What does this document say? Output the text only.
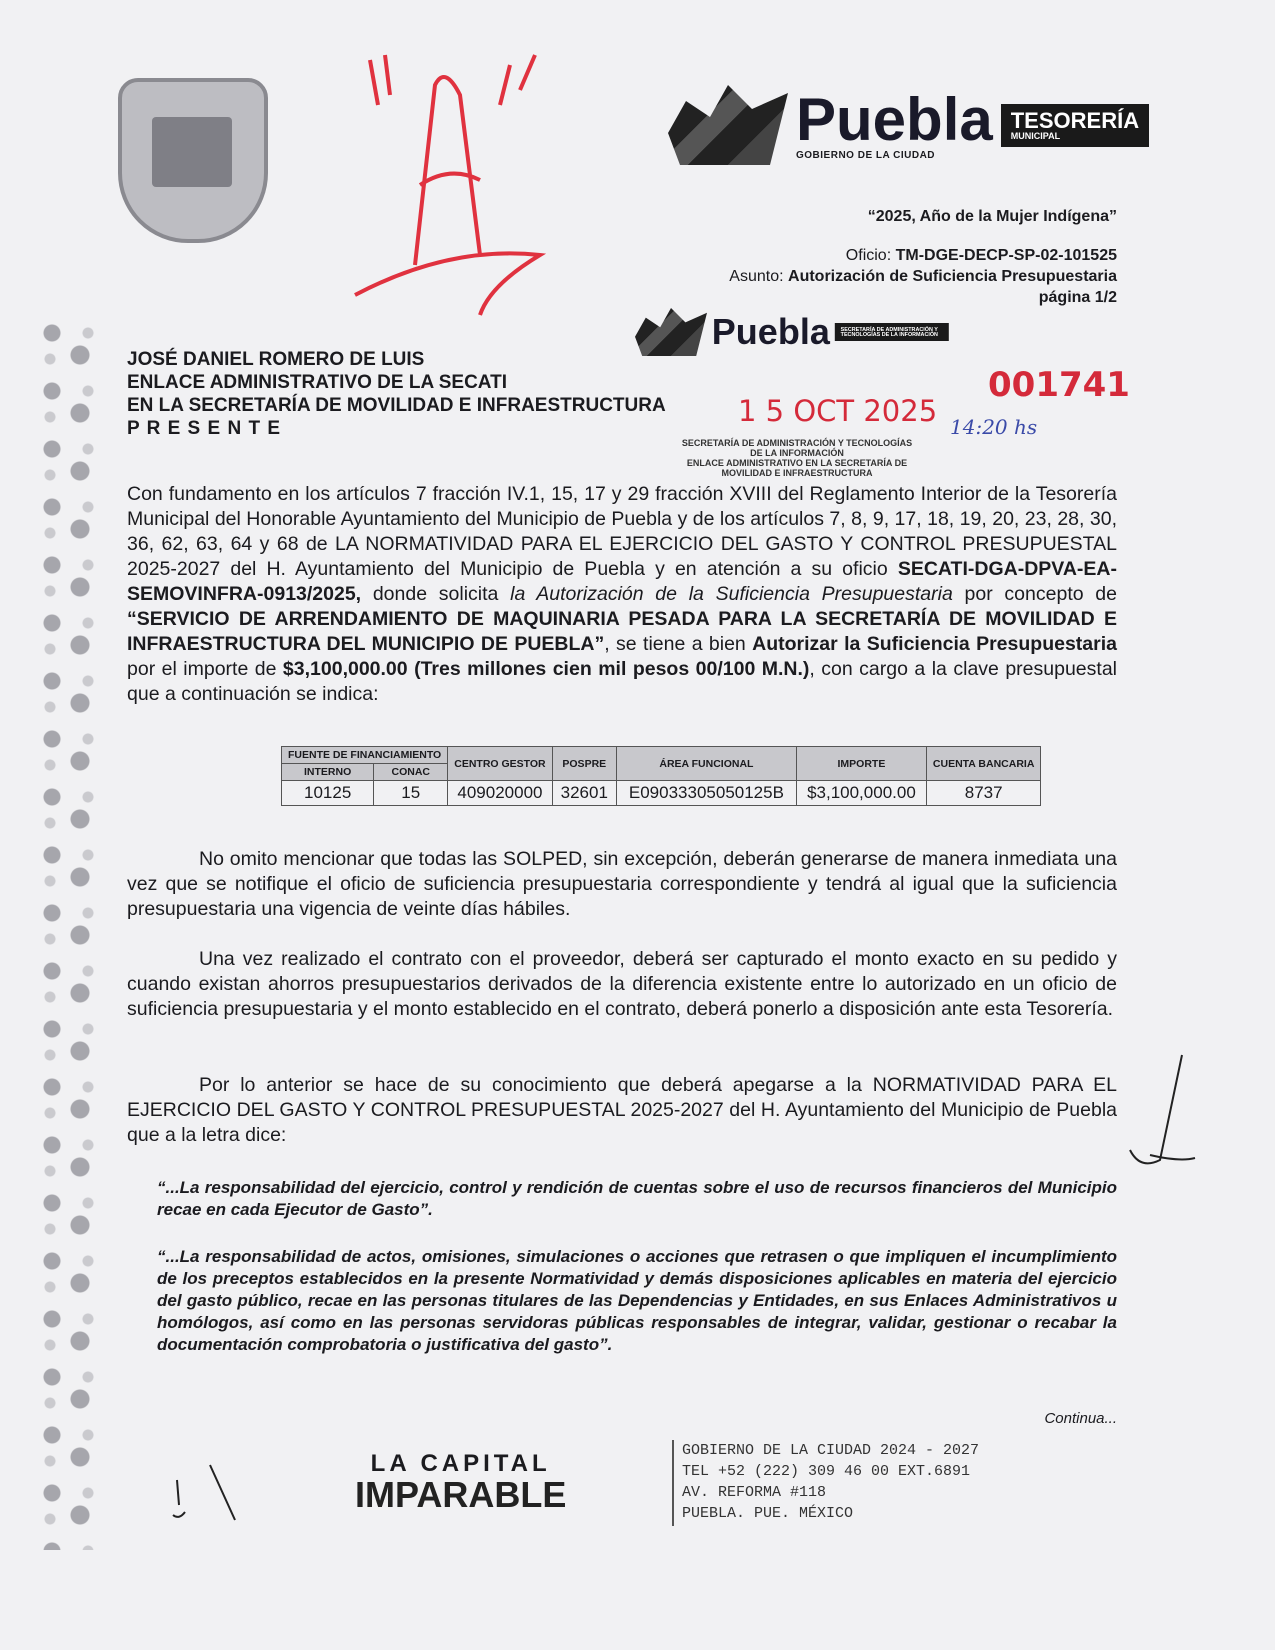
Puebla
GOBIERNO DE LA CIUDAD
TESORERÍA
MUNICIPAL
“2025, Año de la Mujer Indígena”
Oficio: TM-DGE-DECP-SP-02-101525
Asunto: Autorización de Suficiencia Presupuestaria
página 1/2
Puebla	SECRETARÍA DE ADMINISTRACIÓN Y TECNOLOGÍAS DE LA INFORMACIÓN
1 5 OCT 2025
001741
14:20 hs
SECRETARÍA DE ADMINISTRACIÓN Y TECNOLOGÍAS
DE LA INFORMACIÓN
ENLACE ADMINISTRATIVO EN LA SECRETARÍA DE
MOVILIDAD E INFRAESTRUCTURA
JOSÉ DANIEL ROMERO DE LUIS
ENLACE ADMINISTRATIVO DE LA SECATI
EN LA SECRETARÍA DE MOVILIDAD E INFRAESTRUCTURA
P R E S E N T E

Con fundamento en los artículos 7 fracción IV.1, 15, 17 y 29 fracción XVIII del Reglamento Interior de la Tesorería Municipal del Honorable Ayuntamiento del Municipio de Puebla y de los artículos 7, 8, 9, 17, 18, 19, 20, 23, 28, 30, 36, 62, 63, 64 y 68 de LA NORMATIVIDAD PARA EL EJERCICIO DEL GASTO Y CONTROL PRESUPUESTAL 2025-2027 del H. Ayuntamiento del Municipio de Puebla y en atención a su oficio SECATI-DGA-DPVA-EA-SEMOVINFRA-0913/2025, donde solicita la Autorización de la Suficiencia Presupuestaria por concepto de “SERVICIO DE ARRENDAMIENTO DE MAQUINARIA PESADA PARA LA SECRETARÍA DE MOVILIDAD E INFRAESTRUCTURA DEL MUNICIPIO DE PUEBLA”, se tiene a bien Autorizar la Suficiencia Presupuestaria por el importe de $3,100,000.00 (Tres millones cien mil pesos 00/100 M.N.), con cargo a la clave presupuestal que a continuación se indica:

FUENTE DE FINANCIAMIENTO		CENTRO GESTOR	POSPRE	ÁREA FUNCIONAL	IMPORTE	CUENTA BANCARIA
INTERNO	CONAC					
10125	15	409020000	32601	E09033305050125B	$3,100,000.00	8737

No omito mencionar que todas las SOLPED, sin excepción, deberán generarse de manera inmediata una vez que se notifique el oficio de suficiencia presupuestaria correspondiente y tendrá al igual que la suficiencia presupuestaria una vigencia de veinte días hábiles.

Una vez realizado el contrato con el proveedor, deberá ser capturado el monto exacto en su pedido y cuando existan ahorros presupuestarios derivados de la diferencia existente entre lo autorizado en un oficio de suficiencia presupuestaria y el monto establecido en el contrato, deberá ponerlo a disposición ante esta Tesorería.

Por lo anterior se hace de su conocimiento que deberá apegarse a la NORMATIVIDAD PARA EL EJERCICIO DEL GASTO Y CONTROL PRESUPUESTAL 2025-2027 del H. Ayuntamiento del Municipio de Puebla que a la letra dice:

“...La responsabilidad del ejercicio, control y rendición de cuentas sobre el uso de recursos financieros del Municipio recae en cada Ejecutor de Gasto”.

“...La responsabilidad de actos, omisiones, simulaciones o acciones que retrasen o que impliquen el incumplimiento de los preceptos establecidos en la presente Normatividad y demás disposiciones aplicables en materia del ejercicio del gasto público, recae en las personas titulares de las Dependencias y Entidades, en sus Enlaces Administrativos u homólogos, así como en las personas servidoras públicas responsables de integrar, validar, gestionar o recabar la documentación comprobatoria o justificativa del gasto”.

Continua...
LA CAPITAL
IMPARABLE
GOBIERNO DE LA CIUDAD 2024 - 2027
TEL +52 (222) 309 46 00 EXT.6891
AV. REFORMA #118
PUEBLA. PUE. MÉXICO
